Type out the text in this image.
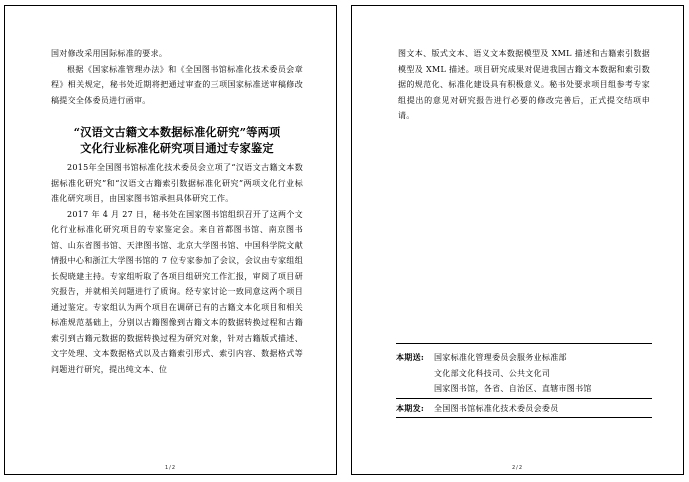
国对修改采用国际标准的要求。

根据《国家标准管理办法》和《全国图书馆标准化技术委员会章程》相关规定，秘书处近期将把通过审查的三项国家标准送审稿修改稿提交全体委员进行函审。

“汉语文古籍文本数据标准化研究”等两项
文化行业标准化研究项目通过专家鉴定

2015年全国图书馆标准化技术委员会立项了“汉语文古籍文本数据标准化研究”和“汉语文古籍索引数据标准化研究”两项文化行业标准化研究项目，由国家图书馆承担具体研究工作。

2017 年 4 月 27 日，秘书处在国家图书馆组织召开了这两个文化行业标准化研究项目的专家鉴定会。来自首都图书馆、南京图书馆、山东省图书馆、天津图书馆、北京大学图书馆、中国科学院文献情报中心和浙江大学图书馆的 7 位专家参加了会议，会议由专家组组长倪晓建主持。专家组听取了各项目组研究工作汇报，审阅了项目研究报告，并就相关问题进行了质询。经专家讨论一致同意这两个项目通过鉴定。专家组认为两个项目在调研已有的古籍文本化项目和相关标准规范基础上，分别以古籍图像到古籍文本的数据转换过程和古籍索引到古籍元数据的数据转换过程为研究对象，针对古籍版式描述、文字处理、文本数据格式以及古籍索引形式、索引内容、数据格式等问题进行研究，提出纯文本、位

1/2

图文本、版式文本、语义文本数据模型及 XML 描述和古籍索引数据模型及 XML 描述。项目研究成果对促进我国古籍文本数据和索引数据的规范化、标准化建设具有积极意义。秘书处要求项目组参考专家组提出的意见对研究报告进行必要的修改完善后，正式提交结项申请。

本期送:	国家标准化管理委员会服务业标准部
文化部文化科技司、公共文化司
国家图书馆，各省、自治区、直辖市图书馆
本期发:	全国图书馆标准化技术委员会委员
2/2
